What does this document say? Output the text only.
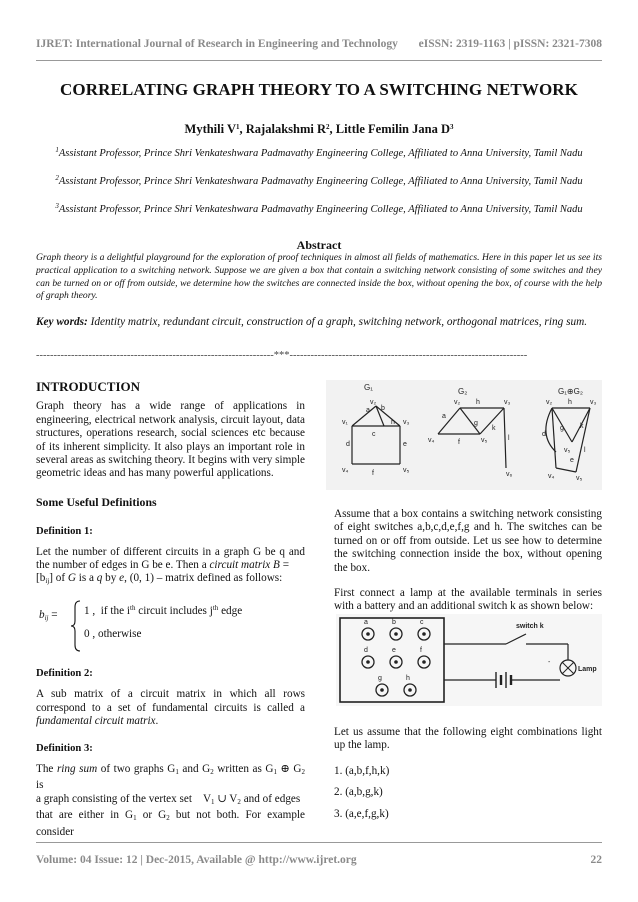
IJRET: International Journal of Research in Engineering and Technology eISSN: 2319-1163 | pISSN: 2321-7308
CORRELATING GRAPH THEORY TO A SWITCHING NETWORK
Mythili $V^1$, Rajalakshmi $R^2$, Little Femilin Jana $D^3$
$^1$Assistant Professor, Prince Shri Venkateshwara Padmavathy Engineering College, Affiliated to Anna University, Tamil Nadu
$^2$Assistant Professor, Prince Shri Venkateshwara Padmavathy Engineering College, Affiliated to Anna University, Tamil Nadu
$^3$Assistant Professor, Prince Shri Venkateshwara Padmavathy Engineering College, Affiliated to Anna University, Tamil Nadu
Abstract
Graph theory is a delightful playground for the exploration of proof techniques in almost all fields of mathematics. Here in this paper let us see its practical application to a switching network. Suppose we are given a box that contain a switching network consisting of some switches and they can be turned on or off from outside, we determine how the switches are connected inside the box, without opening the box, of course with the help of graph theory.
Key words: Identity matrix, redundant circuit, construction of a graph, switching network, orthogonal matrices, ring sum.
--------------------------------------------------------------------***--------------------------------------------------------------------
INTRODUCTION
Graph theory has a wide range of applications in engineering, electrical network analysis, circuit layout, data structures, operations research, social sciences etc because of its inherent simplicity. It also plays an important role in several areas as switching theory. It begins with very simple geometric ideas and has many powerful applications.
Some Useful Definitions
Definition 1:
Let the number of different circuits in a graph G be q and the number of edges in G be e. Then a circuit matrix B =
$[b_{ij}]$ of G is a q by e, (0, 1) – matrix defined as follows:
$b_{ij} = 1$ , if the $i^{th}$ circuit includes $j^{th}$ edge
0 , otherwise
Definition 2:
A sub matrix of a circuit matrix in which all rows correspond to a set of fundamental circuits is called a fundamental circuit matrix.
Definition 3:
The ring sum of two graphs $G_1$ and $G_2$ written as $G_1$ ⊕ $G_2$ is
a graph consisting of the vertex set    $V_1$ ∪ $V_2$ and of edges
that are either in $G_1$ or $G_2$ but not both. For example
consider
G₁
a b
c
d	e
f
h
v₁
v₂
v₃
v₄	v₅
G₂
a
h
g
f
k
l
v₄
v₂	v₃
v₅
v₆
G₁⊕G₂
v₂	v₃
h
g k
d
v₅ l
e
v₄	v₅
Assume that a box contains a switching network consisting of eight switches a,b,c,d,e,f,g and h. The switches can be turned on or off from outside. Let us see how to determine the switching connection inside the box, without opening the box.
First connect a lamp at the available terminals in series with a battery and an additional switch k as shown below:
a	b	c
d	e	f
g	h
switch k
Lamp
-
Let us assume that the following eight combinations light up the lamp.
1. (a,b,f,h,k)
2. (a,b,g,k)
3. (a,e,f,g,k)
Volume: 04 Issue: 12 | Dec-2015, Available @ http://www.ijret.org	22
